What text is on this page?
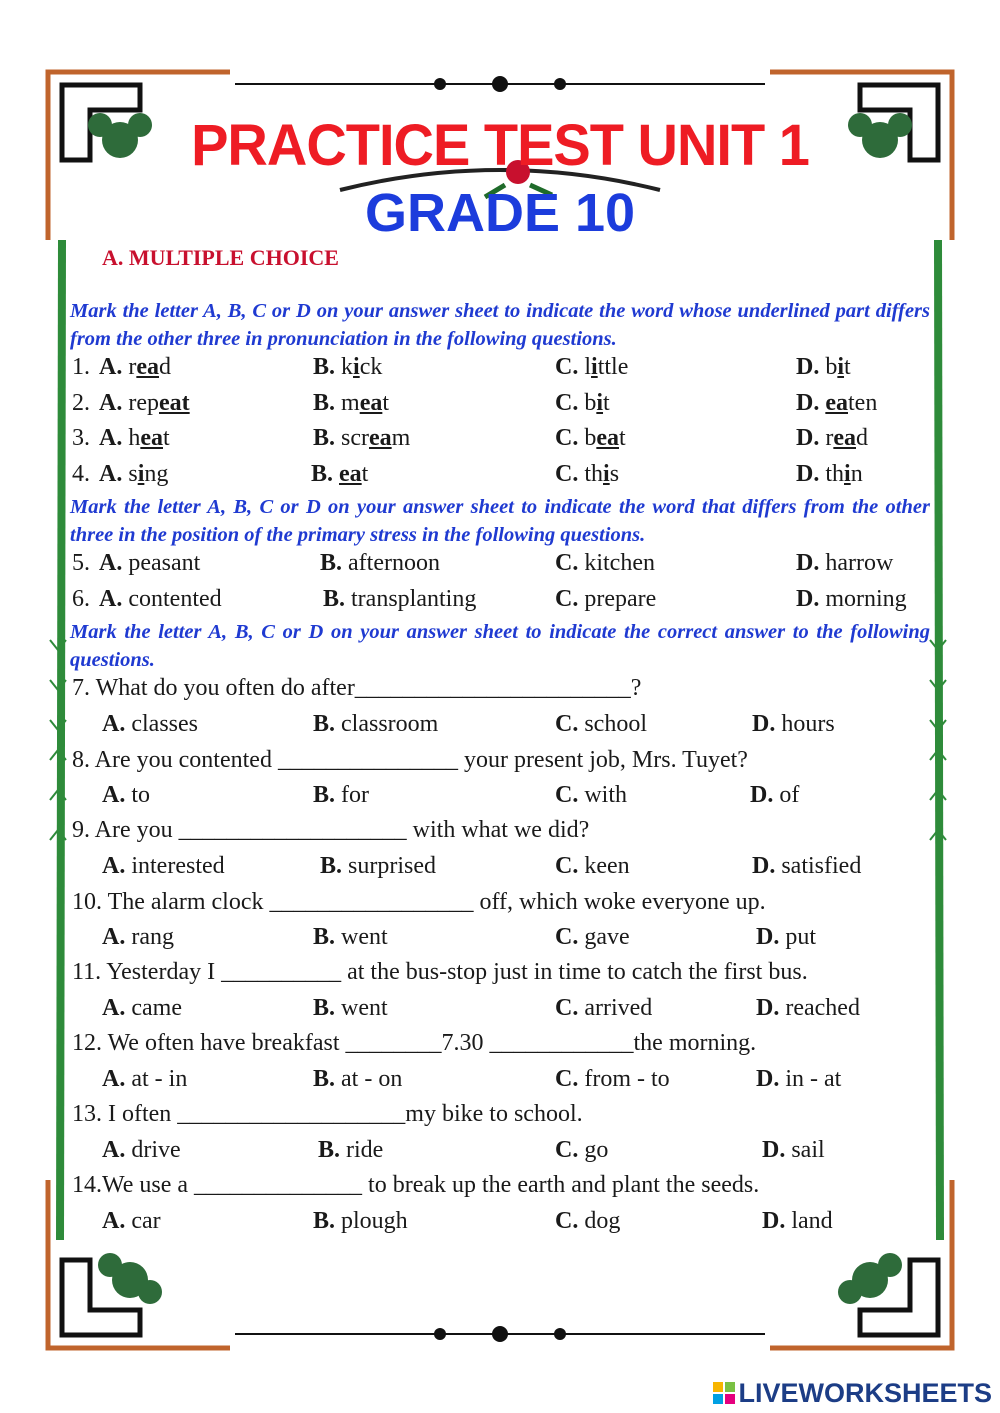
PRACTICE TEST UNIT 1
GRADE 10
A. MULTIPLE CHOICE
Mark the letter A, B, C or D on your answer sheet to indicate the word whose underlined part differs from the other three in pronunciation in the following questions.
1. A. read	B. kick	C. little	D. bit
2. A. repeat	B. meat	C. bit	D. eaten
3. A. heat	B. scream	C. beat	D. read
4. A. sing	B. eat	C. this	D. thin
Mark the letter A, B, C or D on your answer sheet to indicate the word that differs from the other three in the position of the primary stress in the following questions.
5. A. peasant	B. afternoon	C. kitchen	D. harrow
6. A. contented	B. transplanting	C. prepare	D. morning
Mark the letter A, B, C or D on your answer sheet to indicate the correct answer to the following questions.
7. What do you often do after_______________________?
A. classes	B. classroom	C. school	D. hours
8. Are you contented _______________ your present job, Mrs. Tuyet?
A. to	B. for	C. with	D. of
9. Are you ___________________ with what we did?
A. interested	B. surprised	C. keen	D. satisfied
10. The alarm clock _________________ off, which woke everyone up.
A. rang	B. went	C. gave	D. put
11. Yesterday I __________ at the bus-stop just in time to catch the first bus.
A. came	B. went	C. arrived	D. reached
12. We often have breakfast ________7.30 ____________the morning.
A. at - in	B. at - on	C. from - to	D. in - at
13. I often ___________________my bike to school.
A. drive	B. ride	C. go	D. sail
14.We use a ______________ to break up the earth and plant the seeds.
A. car	B. plough	C. dog	D. land
LIVEWORKSHEETS
